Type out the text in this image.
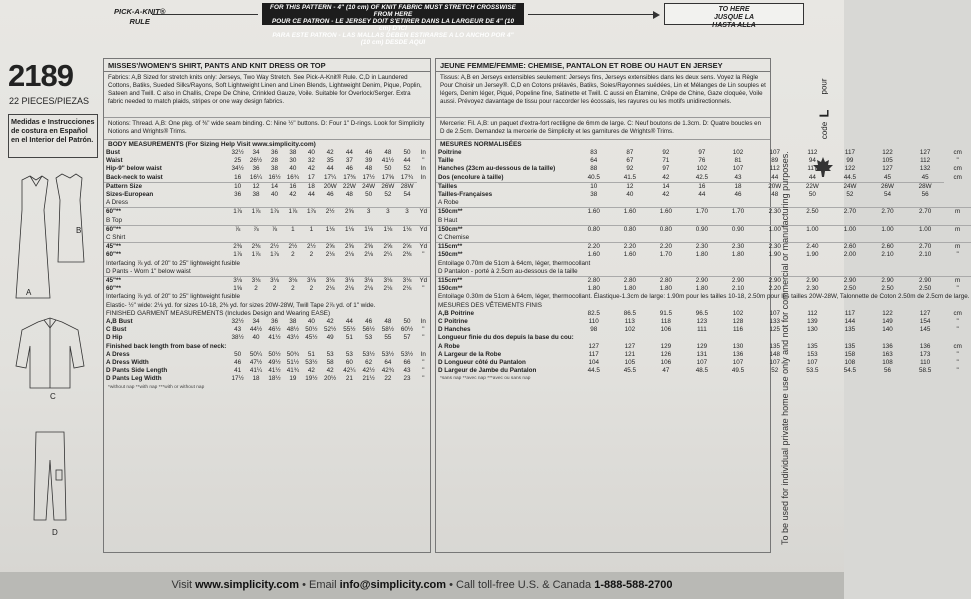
PICK-A-KNIT®
RULE
FOR THIS PATTERN - 4" (10 cm) OF KNIT FABRIC MUST STRETCH CROSSWISE FROM HERE
POUR CE PATRON - LE JERSEY DOIT S'ETIRER DANS LA LARGEUR DE 4" (10 cm) D'ICI
PARA ESTE PATRON - LAS MALLAS DEBEN ESTIRARSE A LO ANCHO POR 4" (10 cm) DESDE AQUI
TO HERE
JUSQUE LA
HASTA ALLA
2189
22 PIECES/PIEZAS
Medidas e Instrucciones de costura en Español en el Interior del Patrón.
B
A
C
D
MISSES'/WOMEN'S SHIRT, PANTS AND KNIT DRESS OR TOP
Fabrics: A,B Sized for stretch knits only: Jerseys, Two Way Stretch. See Pick-A-Knit® Rule. C,D in Laundered Cottons, Batiks, Sueded Silks/Rayons, Soft Lightweight Linen and Linen Blends, Lightweight Denim, Pique, Poplin, Sateen and Twill. C also in Challis, Crepe De Chine, Crinkled Gauze, Voile. Suitable for Overlock/Serger. Extra fabric needed to match plaids, stripes or one way design fabrics.
Notions: Thread. A,B: One pkg. of ⅜" wide seam binding. C: Nine ½" buttons. D: Four 1" D-rings. Look for Simplicity Notions and Wrights® Trims.
BODY MEASUREMENTS (For Sizing Help Visit www.simplicity.com)
Bust	32½	34	36	38	40	42	44	46	48	50	In
Waist	25	26½	28	30	32	35	37	39	41½	44	"
Hip-9" below waist	34½	36	38	40	42	44	46	48	50	52	In
Back-neck to waist	16	16¼	16½	16¾	17	17¼	17⅜	17½	17⅝	17¾	In
Pattern Size	10	12	14	16	18	20W	22W	24W	26W	28W	
Sizes-European	36	38	40	42	44	46	48	50	52	54	
A Dress											
60"**	1⅞	1⅞	1⅞	1⅞	1⅞	2½	2⅝	3	3	3	Yd
B Top											
60"**	⅞	⅞	⅞	1	1	1⅛	1⅛	1⅛	1⅛	1⅛	Yd
C Shirt											
45"**	2⅜	2⅜	2½	2½	2½	2⅝	2⅝	2⅝	2⅝	2⅝	Yd
60"**	1⅞	1⅞	1⅞	2	2	2⅛	2⅛	2⅛	2¼	2⅜	"
Interfacing ⅞ yd. of 20" to 25" lightweight fusible											
D Pants - Worn 1" below waist											
45"**	3⅛	3⅛	3⅛	3⅛	3⅛	3⅛	3⅛	3⅛	3⅛	3⅛	Yd
60"**	1⅝	2	2	2	2	2⅛	2⅛	2⅛	2⅛	2⅛	"
Interfacing ⅞ yd. of 20" to 25" lightweight fusible											
Elastic- ½" wide: 2⅛ yd. for sizes 10-18, 2⅜ yd. for sizes 20W-28W, Twill Tape 2⅞ yd. of 1" wide.											
FINISHED GARMENT MEASUREMENTS (Includes Design and Wearing EASE)											
A,B Bust	32½	34	36	38	40	42	44	46	48	50	In
C Bust	43	44½	46½	48½	50½	52½	55½	56½	58½	60½	"
D Hip	38½	40	41½	43½	45½	49	51	53	55	57	"
Finished back length from base of neck:											
A Dress	50	50¼	50½	50¾	51	53	53	53½	53½	53½	In
A Dress Width	46	47½	49½	51½	53½	58	60	62	64	66	"
D Pants Side Length	41	41¼	41½	41¾	42	42	42¼	42½	42¾	43	"
D Pants Leg Width	17½	18	18½	19	19½	20½	21	21½	22	23	"
*without nap **with nap ***with or without nap
JEUNE FEMME/FEMME: CHEMISE, PANTALON ET ROBE OU HAUT EN JERSEY
Tissus: A,B en Jerseys extensibles seulement: Jerseys fins, Jerseys extensibles dans les deux sens. Voyez la Règle Pour Choisir un Jersey®. C,D en Cotons prélavés, Batiks, Soies/Rayonnes suédées, Lin et Mélanges de Lin souples et légers, Denim léger, Piqué, Popeline fine, Satinette et Twill. C aussi en Étamine, Crêpe de Chine, Gaze cloquée, Voile aussi. Prévoyez davantage de tissu pour raccorder les écossais, les rayures ou les motifs unidirectionnels.
Mercerie: Fil. A,B: un paquet d'extra-fort rectiligne de 6mm de large. C: Neuf boutons de 1.3cm. D: Quatre boucles en D de 2.5cm. Demandez la mercerie de Simplicity et les garnitures de Wrights® Trims.
MESURES NORMALISÉES
Poitrine	83	87	92	97	102	107	112	117	122	127	cm
Taille	64	67	71	76	81	89	94	99	105	112	"
Hanches (23cm au-dessous de la taille)	88	92	97	102	107	112	117	122	127	132	cm
Dos (encolure à taille)	40.5	41.5	42	42.5	43	44	44	44.5	45	45	cm
Tailles	10	12	14	16	18	20W	22W	24W	26W	28W	
Tailles-Françaises	38	40	42	44	46	48	50	52	54	56	
A Robe											
150cm**	1.60	1.60	1.60	1.70	1.70	2.30	2.50	2.70	2.70	2.70	m
B Haut											
150cm**	0.80	0.80	0.80	0.90	0.90	1.00	1.00	1.00	1.00	1.00	m
C Chemise											
115cm**	2.20	2.20	2.20	2.30	2.30	2.30	2.40	2.60	2.60	2.70	m
150cm**	1.60	1.60	1.70	1.80	1.80	1.90	1.90	2.00	2.10	2.10	"
Entoilage 0.70m de 51cm à 64cm, léger, thermocollant											
D Pantalon - porté à 2.5cm au-dessous de la taille											
115cm**	2.80	2.80	2.80	2.90	2.90	2.90	2.90	2.90	2.90	2.90	m
150cm**	1.80	1.80	1.80	1.80	2.10	2.20	2.30	2.50	2.50	2.50	"
Entoilage 0.30m de 51cm à 64cm, léger, thermocollant. Élastique-1.3cm de large: 1.90m pour les tailles 10-18, 2.50m pour les tailles 20W-28W, Talonnette de Coton 2.50m de 2.5cm de large.											
MESURES DES VÊTEMENTS FINIS											
A,B Poitrine	82.5	86.5	91.5	96.5	102	107	112	117	122	127	cm
C Poitrine	110	113	118	123	128	133	139	144	149	154	"
D Hanches	98	102	106	111	116	125	130	135	140	145	"
Longueur finie du dos depuis la base du cou:											
A Robe	127	127	129	129	130	135	135	135	136	136	cm
A Largeur de la Robe	117	121	126	131	136	148	153	158	163	173	"
D Longueur côté du Pantalon	104	105	106	107	107	107	107	108	108	110	"
D Largeur de Jambe du Pantalon	44.5	45.5	47	48.5	49.5	52	53.5	54.5	56	58.5	"
*sans nap **avec nap ***avec ou sans nap	To be used for individual private home use only and not for commercial or manufacturing purposes.
code
L
pour
Visit www.simplicity.com • Email info@simplicity.com • Call toll-free U.S. & Canada 1-888-588-2700
